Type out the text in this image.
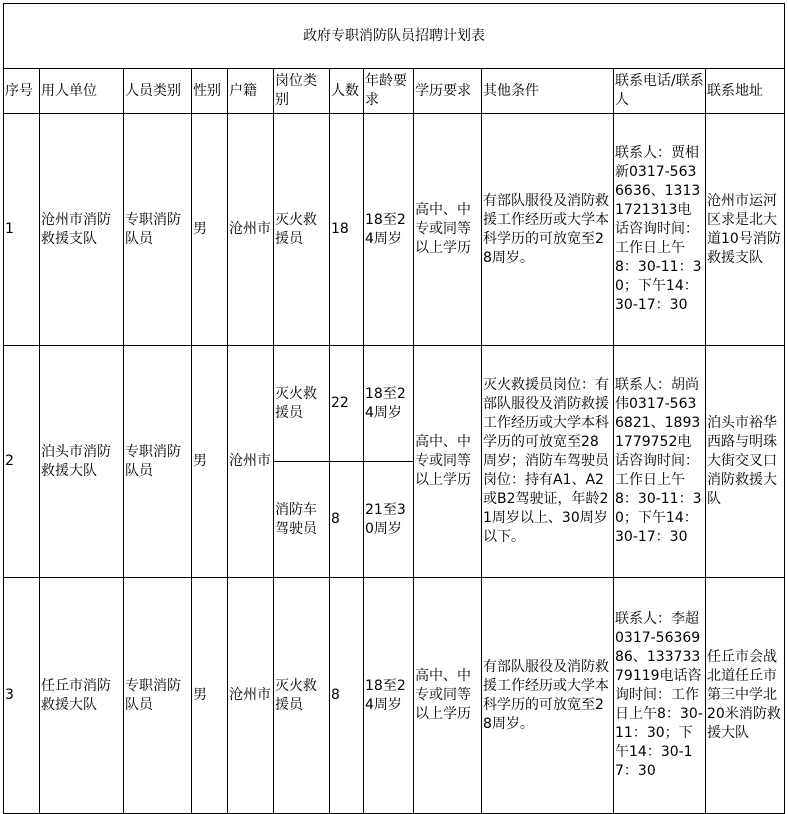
政府专职消防队员招聘计划表											
序号	用人单位	人员类别	性别	户籍	岗位类别	人数	年龄要求	学历要求	其他条件	联系电话/联系人	联系地址
1	沧州市消防救援支队	专职消防队员	男	沧州市	灭火救援员	18	18至24周岁	高中、中专或同等以上学历	有部队服役及消防救援工作经历或大学本科学历的可放宽至28周岁。	联系人：贾相新0317-5636636、13131721313电话咨询时间：工作日上午8：30-11：30；下午14：30-17：30	沧州市运河区求是北大道10号消防救援支队
2	泊头市消防救援大队	专职消防队员	男	沧州市	灭火救援员	22	18至24周岁	高中、中专或同等以上学历	灭火救援员岗位：有部队服役及消防救援工作经历或大学本科学历的可放宽至28周岁；消防车驾驶员岗位：持有A1、A2或B2驾驶证，年龄21周岁以上、30周岁以下。	联系人：胡尚伟0317-5636821、18931779752电话咨询时间：工作日上午8：30-11：30；下午14：30-17：30	泊头市裕华西路与明珠大街交叉口消防救援大队
					消防车驾驶员	8	21至30周岁				
3	任丘市消防救援大队	专职消防队员	男	沧州市	灭火救援员	8	18至24周岁	高中、中专或同等以上学历	有部队服役及消防救援工作经历或大学本科学历的可放宽至28周岁。	联系人：李超0317-5636986、13373379119电话咨询时间：工作日上午8：30-11：30；下午14：30-17：30	任丘市会战北道任丘市第三中学北20米消防救援大队
